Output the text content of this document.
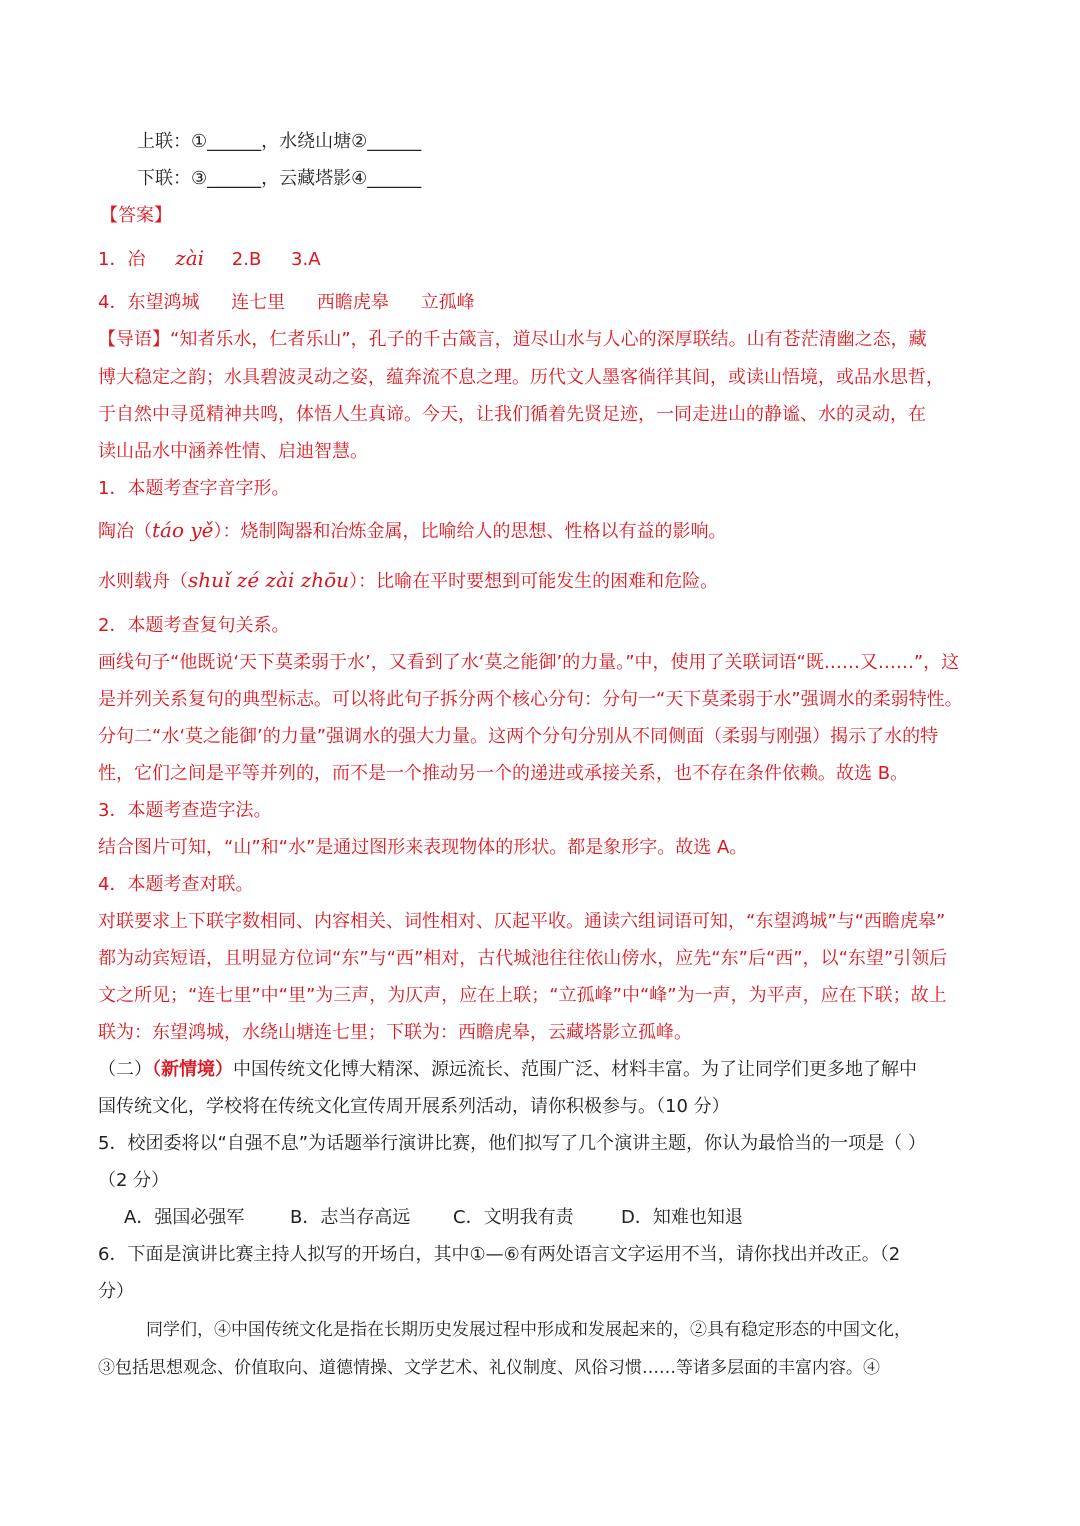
上联：①______，水绕山塘②______
下联：③______，云藏塔影④______
【答案】
1．冶 zài 2.B 3.A
4．东望鸿城 连七里 西瞻虎皋 立孤峰
【导语】“知者乐水，仁者乐山”，孔子的千古箴言，道尽山水与人心的深厚联结。山有苍茫清幽之态，藏
博大稳定之韵；水具碧波灵动之姿，蕴奔流不息之理。历代文人墨客徜徉其间，或读山悟境，或品水思哲，
于自然中寻觅精神共鸣，体悟人生真谛。今天，让我们循着先贤足迹，一同走进山的静谧、水的灵动，在
读山品水中涵养性情、启迪智慧。
1．本题考查字音字形。
陶冶（táo yě）：烧制陶器和冶炼金属，比喻给人的思想、性格以有益的影响。
水则载舟（shuǐ zé zài zhōu）：比喻在平时要想到可能发生的困难和危险。
2．本题考查复句关系。
画线句子“他既说‘天下莫柔弱于水’，又看到了水‘莫之能御’的力量。”中，使用了关联词语“既……又……”，这
是并列关系复句的典型标志。可以将此句子拆分两个核心分句：分句一“天下莫柔弱于水”强调水的柔弱特性。
分句二“水‘莫之能御’的力量”强调水的强大力量。这两个分句分别从不同侧面（柔弱与刚强）揭示了水的特
性，它们之间是平等并列的，而不是一个推动另一个的递进或承接关系，也不存在条件依赖。故选 B。
3．本题考查造字法。
结合图片可知，“山”和“水”是通过图形来表现物体的形状。都是象形字。故选 A。
4．本题考查对联。
对联要求上下联字数相同、内容相关、词性相对、仄起平收。通读六组词语可知，“东望鸿城”与“西瞻虎皋”
都为动宾短语，且明显方位词“东”与“西”相对，古代城池往往依山傍水，应先“东”后“西”，以“东望”引领后
文之所见；“连七里”中“里”为三声，为仄声，应在上联；“立孤峰”中“峰”为一声，为平声，应在下联；故上
联为：东望鸿城，水绕山塘连七里；下联为：西瞻虎皋，云藏塔影立孤峰。
（二）（新情境）中国传统文化博大精深、源远流长、范围广泛、材料丰富。为了让同学们更多地了解中
国传统文化，学校将在传统文化宣传周开展系列活动，请你积极参与。（10 分）
5．校团委将以“自强不息”为话题举行演讲比赛，他们拟写了几个演讲主题，你认为最恰当的一项是（ ）
（2 分）
A．强国必强军	B．志当存高远 C．文明我有责	D．知难也知退
6．下面是演讲比赛主持人拟写的开场白，其中①—⑥有两处语言文字运用不当，请你找出并改正。（2
分）
同学们，④中国传统文化是指在长期历史发展过程中形成和发展起来的，②具有稳定形态的中国文化，
③包括思想观念、价值取向、道德情操、文学艺术、礼仪制度、风俗习惯……等诸多层面的丰富内容。④
